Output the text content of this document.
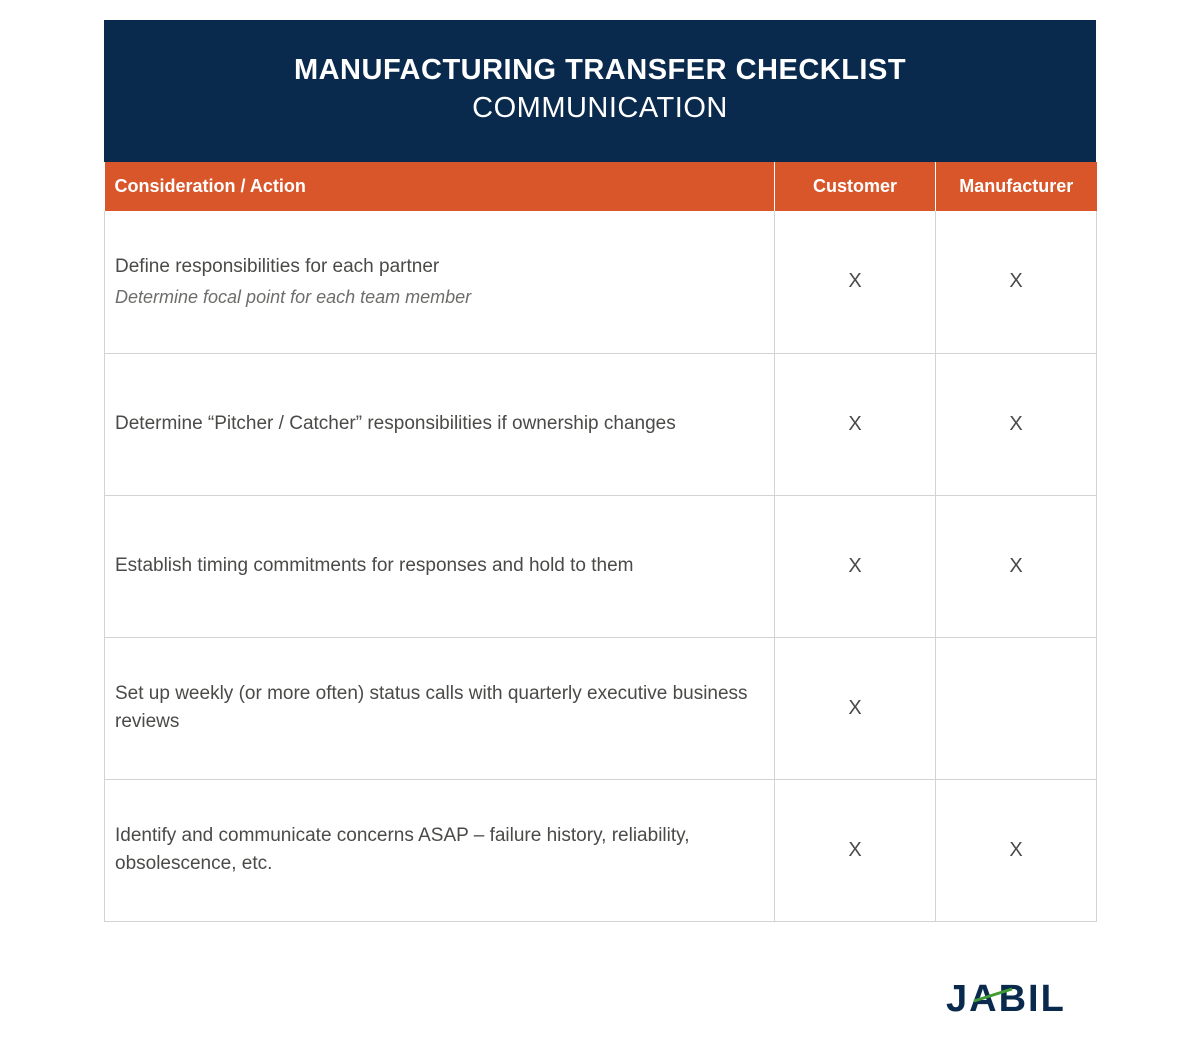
MANUFACTURING TRANSFER CHECKLIST
COMMUNICATION
Consideration / Action	Customer	Manufacturer

Define responsibilities for each partner
Determine focal point for each team member	X	X

Determine “Pitcher / Catcher” responsibilities if ownership changes	X	X

Establish timing commitments for responses and hold to them	X	X

Set up weekly (or more often) status calls with quarterly executive business reviews	X	

Identify and communicate concerns ASAP – failure history, reliability, obsolescence, etc.	X	X
JABIL
